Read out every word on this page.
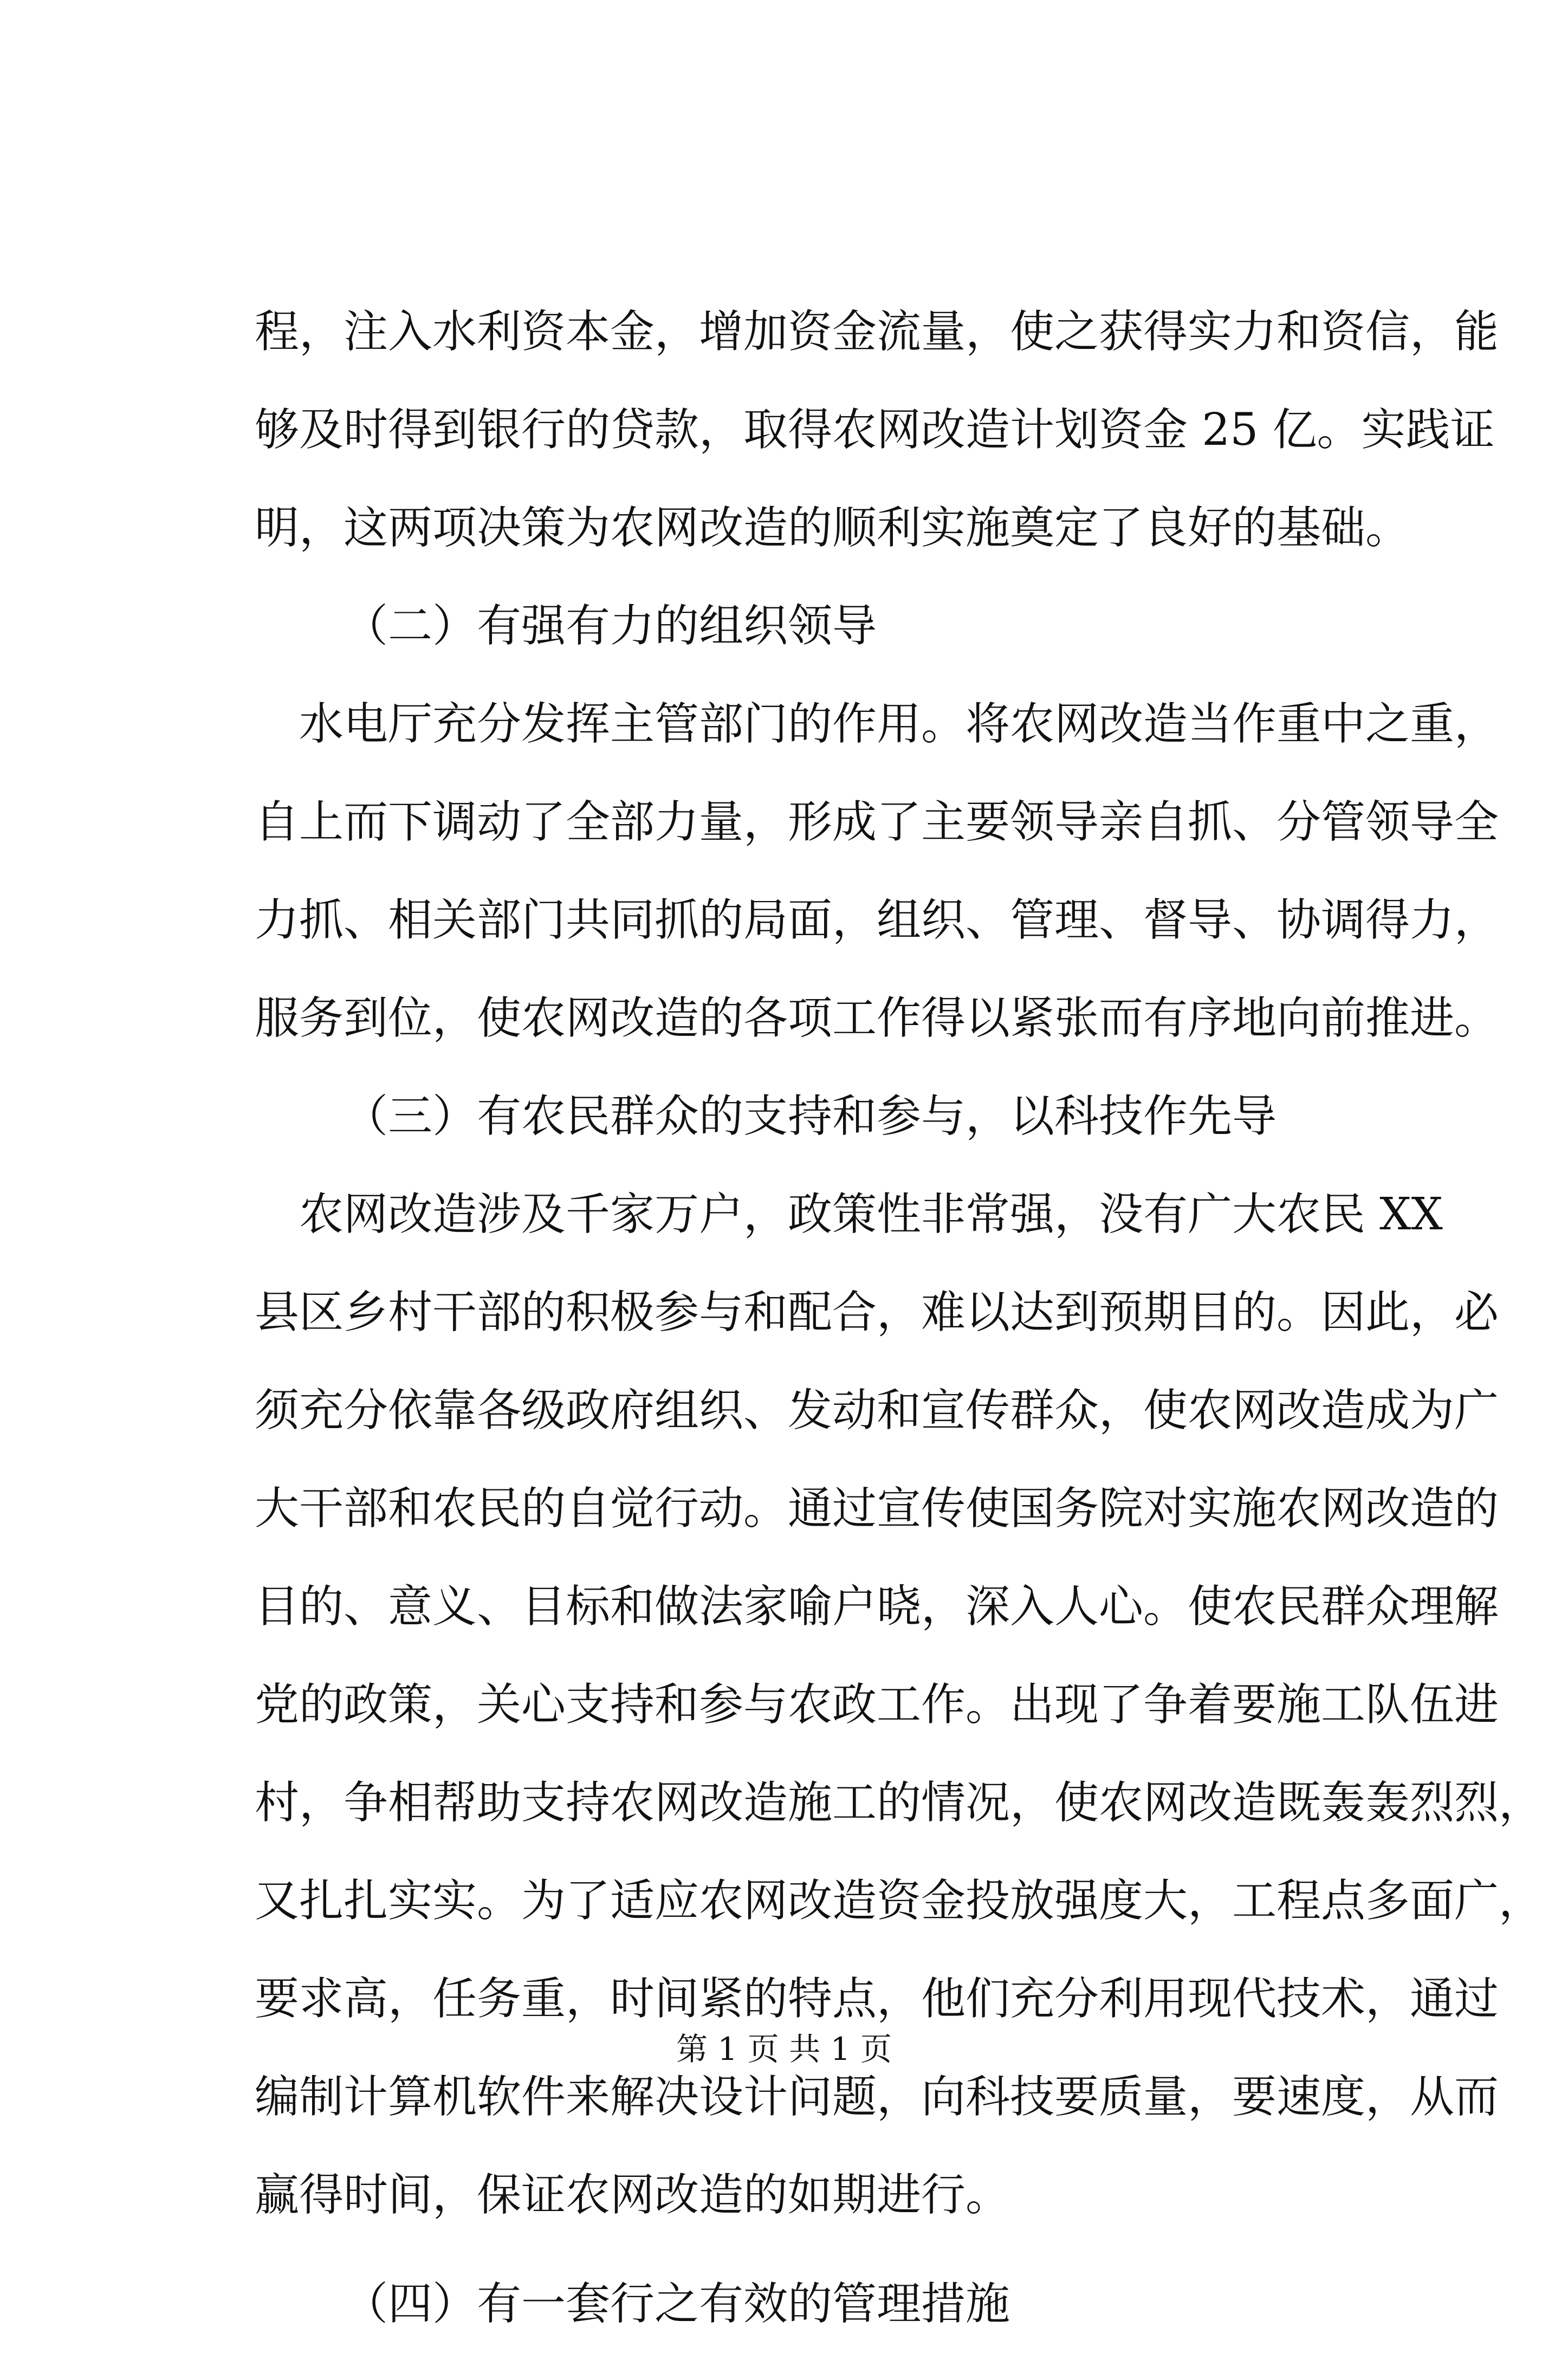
程，注入水利资本金，增加资金流量，使之获得实力和资信，能
够及时得到银行的贷款，取得农网改造计划资金 25 亿。实践证
明，这两项决策为农网改造的顺利实施奠定了良好的基础。
（二）有强有力的组织领导
水电厅充分发挥主管部门的作用。将农网改造当作重中之重，
自上而下调动了全部力量，形成了主要领导亲自抓、分管领导全
力抓、相关部门共同抓的局面，组织、管理、督导、协调得力，
服务到位，使农网改造的各项工作得以紧张而有序地向前推进。
（三）有农民群众的支持和参与，以科技作先导
农网改造涉及千家万户，政策性非常强，没有广大农民 XX
县区乡村干部的积极参与和配合，难以达到预期目的。因此，必
须充分依靠各级政府组织、发动和宣传群众，使农网改造成为广
大干部和农民的自觉行动。通过宣传使国务院对实施农网改造的
目的、意义、目标和做法家喻户晓，深入人心。使农民群众理解
党的政策，关心支持和参与农政工作。出现了争着要施工队伍进
村，争相帮助支持农网改造施工的情况，使农网改造既轰轰烈烈，
又扎扎实实。为了适应农网改造资金投放强度大，工程点多面广，
要求高，任务重，时间紧的特点，他们充分利用现代技术，通过
编制计算机软件来解决设计问题，向科技要质量，要速度，从而
赢得时间，保证农网改造的如期进行。
（四）有一套行之有效的管理措施
第 1 页 共 1 页
